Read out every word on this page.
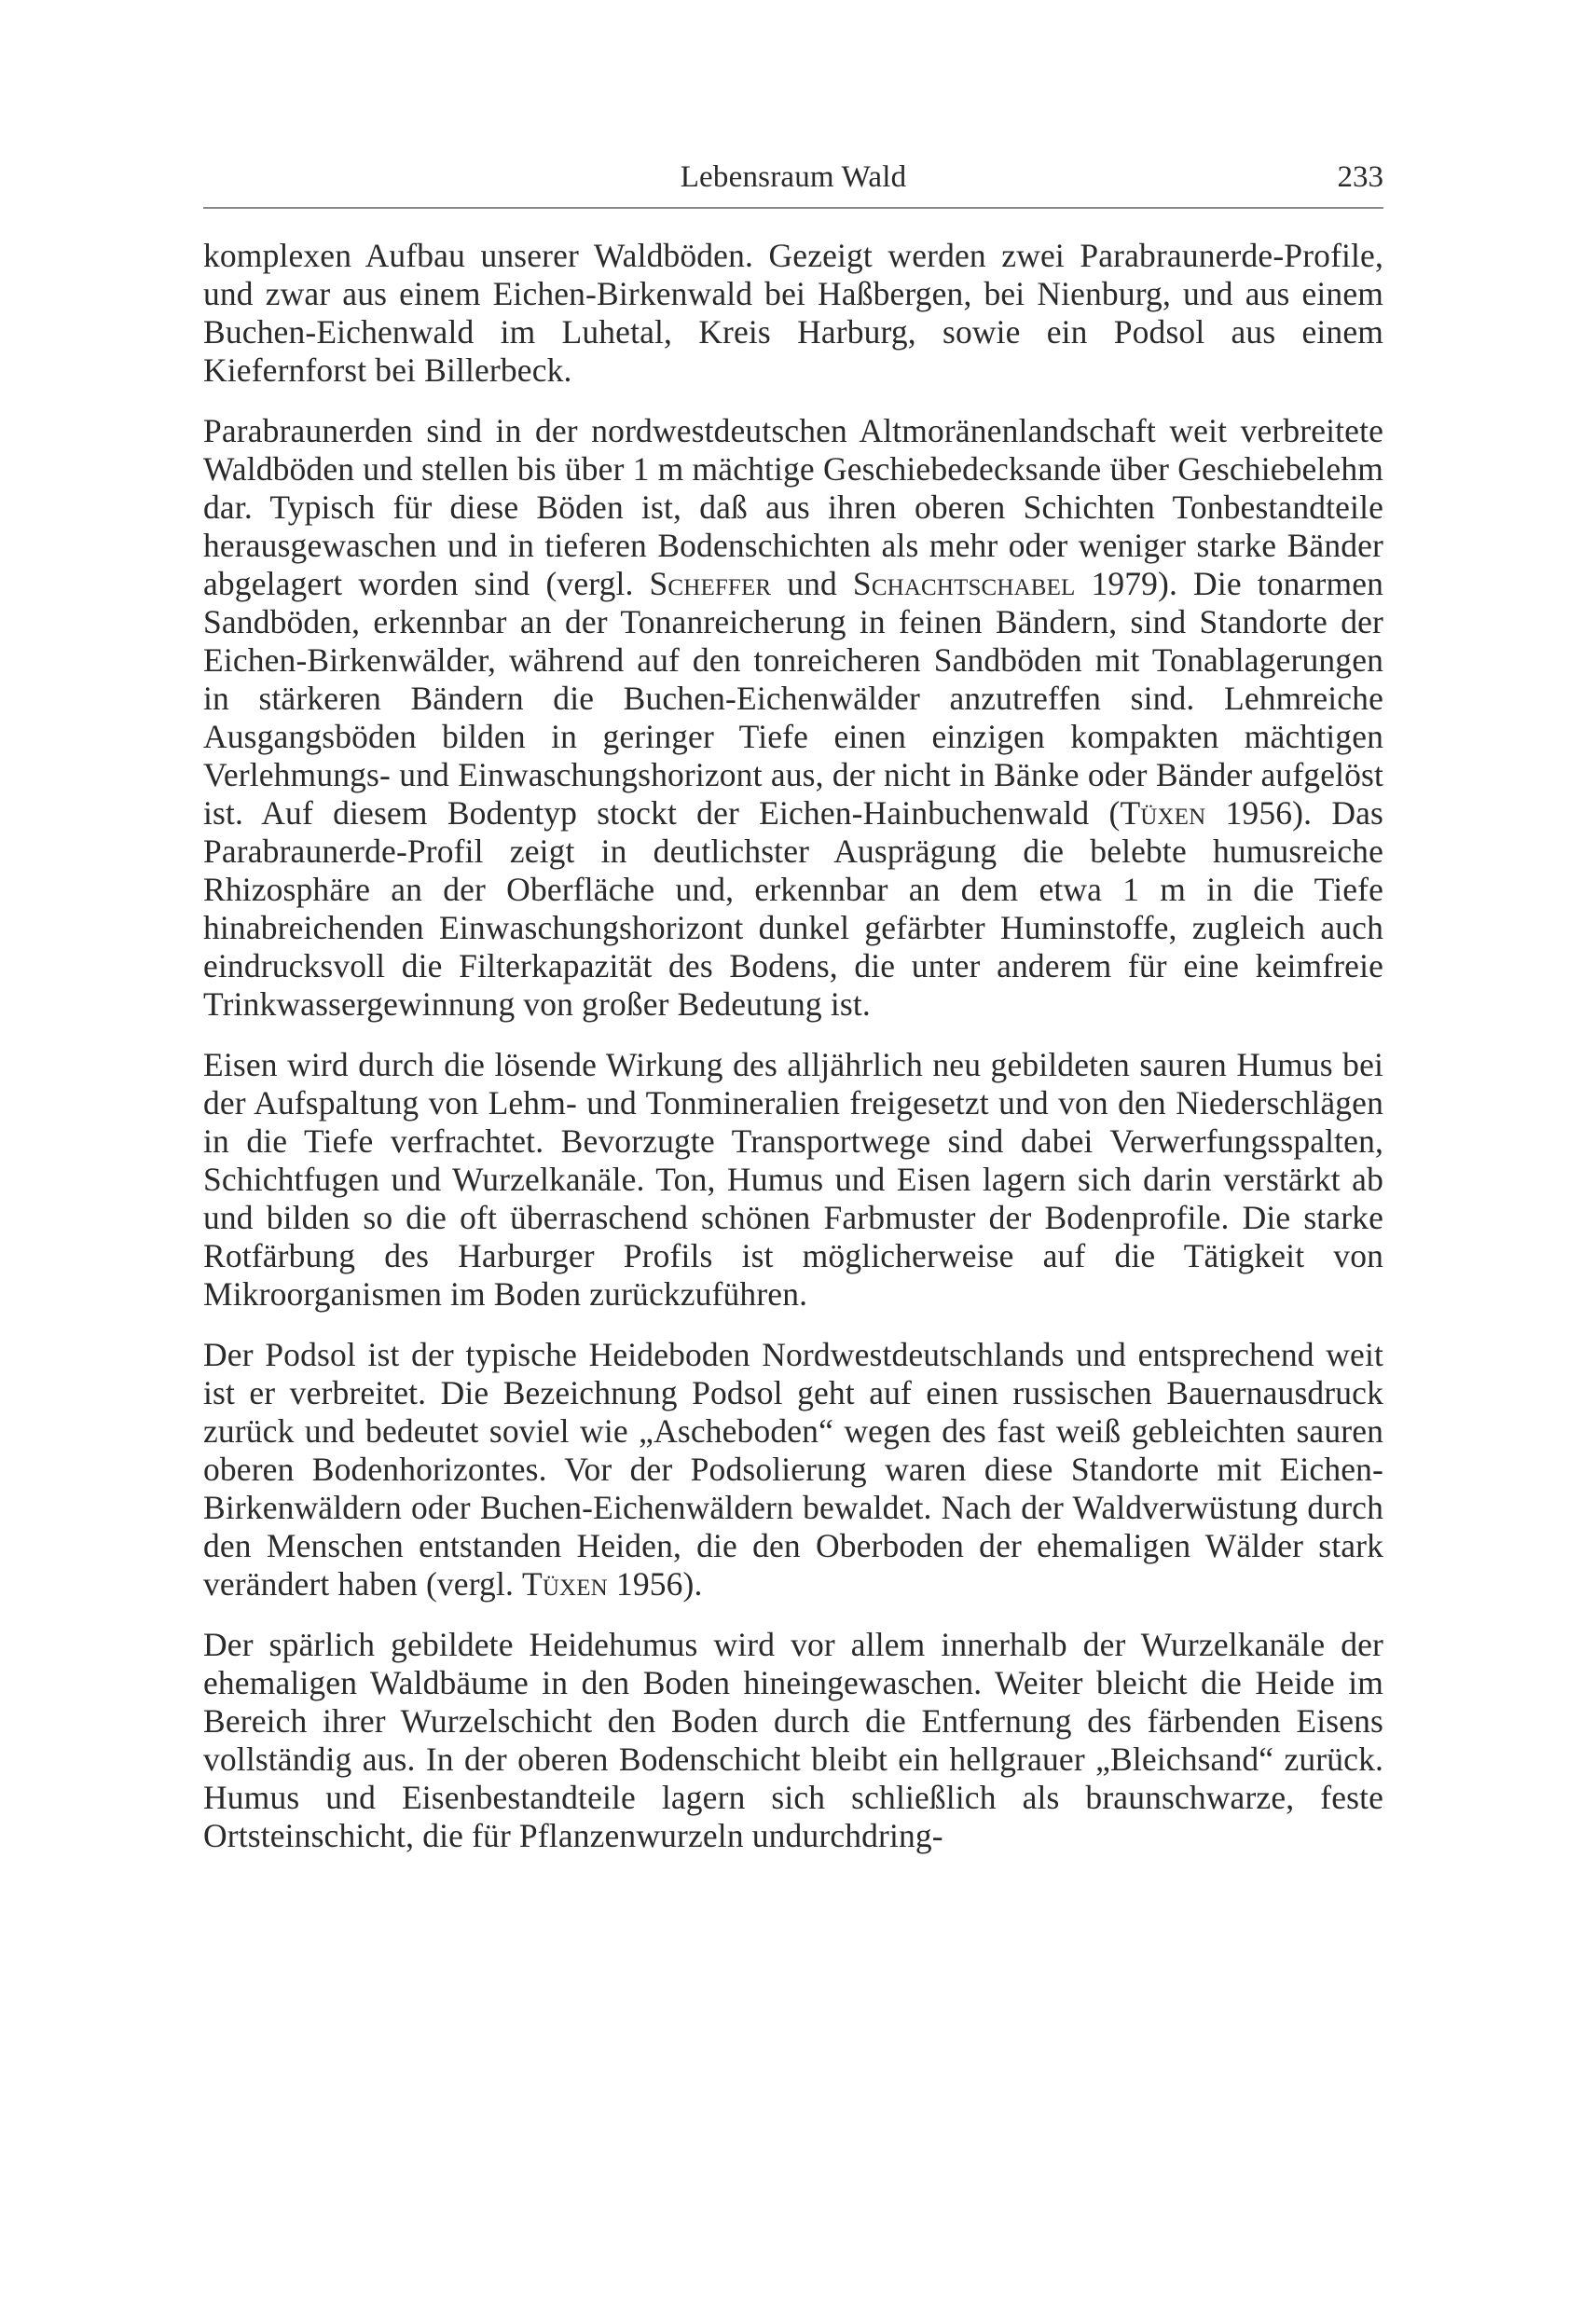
Lebensraum Wald	233

komplexen Aufbau unserer Waldböden. Gezeigt werden zwei Parabraunerde-Profile, und zwar aus einem Eichen-Birkenwald bei Haßbergen, bei Nienburg, und aus einem Buchen-Eichenwald im Luhetal, Kreis Harburg, sowie ein Podsol aus einem Kiefernforst bei Billerbeck.

Parabraunerden sind in der nordwestdeutschen Altmoränenlandschaft weit verbreitete Waldböden und stellen bis über 1 m mächtige Geschiebedecksande über Geschiebelehm dar. Typisch für diese Böden ist, daß aus ihren oberen Schichten Tonbestandteile herausgewaschen und in tieferen Bodenschichten als mehr oder weniger starke Bänder abgelagert worden sind (vergl. Scheffer und Schachtschabel 1979). Die tonarmen Sandböden, erkennbar an der Tonanreicherung in feinen Bändern, sind Standorte der Eichen-Birkenwälder, während auf den tonreicheren Sandböden mit Tonablagerungen in stärkeren Bändern die Buchen-Eichenwälder anzutreffen sind. Lehmreiche Ausgangsböden bilden in geringer Tiefe einen einzigen kompakten mächtigen Verlehmungs- und Einwaschungshorizont aus, der nicht in Bänke oder Bänder aufgelöst ist. Auf diesem Bodentyp stockt der Eichen-Hainbuchenwald (Tüxen 1956). Das Parabraunerde-Profil zeigt in deutlichster Ausprägung die belebte humusreiche Rhizosphäre an der Oberfläche und, erkennbar an dem etwa 1 m in die Tiefe hinabreichenden Einwaschungshorizont dunkel gefärbter Huminstoffe, zugleich auch eindrucksvoll die Filterkapazität des Bodens, die unter anderem für eine keimfreie Trinkwassergewinnung von großer Bedeutung ist.

Eisen wird durch die lösende Wirkung des alljährlich neu gebildeten sauren Humus bei der Aufspaltung von Lehm- und Tonmineralien freigesetzt und von den Niederschlägen in die Tiefe verfrachtet. Bevorzugte Transportwege sind dabei Verwerfungsspalten, Schichtfugen und Wurzelkanäle. Ton, Humus und Eisen lagern sich darin verstärkt ab und bilden so die oft überraschend schönen Farbmuster der Bodenprofile. Die starke Rotfärbung des Harburger Profils ist möglicherweise auf die Tätigkeit von Mikroorganismen im Boden zurückzuführen.

Der Podsol ist der typische Heideboden Nordwestdeutschlands und entsprechend weit ist er verbreitet. Die Bezeichnung Podsol geht auf einen russischen Bauernausdruck zurück und bedeutet soviel wie „Ascheboden“ wegen des fast weiß gebleichten sauren oberen Bodenhorizontes. Vor der Podsolierung waren diese Standorte mit Eichen-Birkenwäldern oder Buchen-Eichenwäldern bewaldet. Nach der Waldverwüstung durch den Menschen entstanden Heiden, die den Oberboden der ehemaligen Wälder stark verändert haben (vergl. Tüxen 1956).

Der spärlich gebildete Heidehumus wird vor allem innerhalb der Wurzelkanäle der ehemaligen Waldbäume in den Boden hineingewaschen. Weiter bleicht die Heide im Bereich ihrer Wurzelschicht den Boden durch die Entfernung des färbenden Eisens vollständig aus. In der oberen Bodenschicht bleibt ein hellgrauer „Bleichsand“ zurück. Humus und Eisenbestandteile lagern sich schließlich als braunschwarze, feste Ortsteinschicht, die für Pflanzenwurzeln undurchdring-
